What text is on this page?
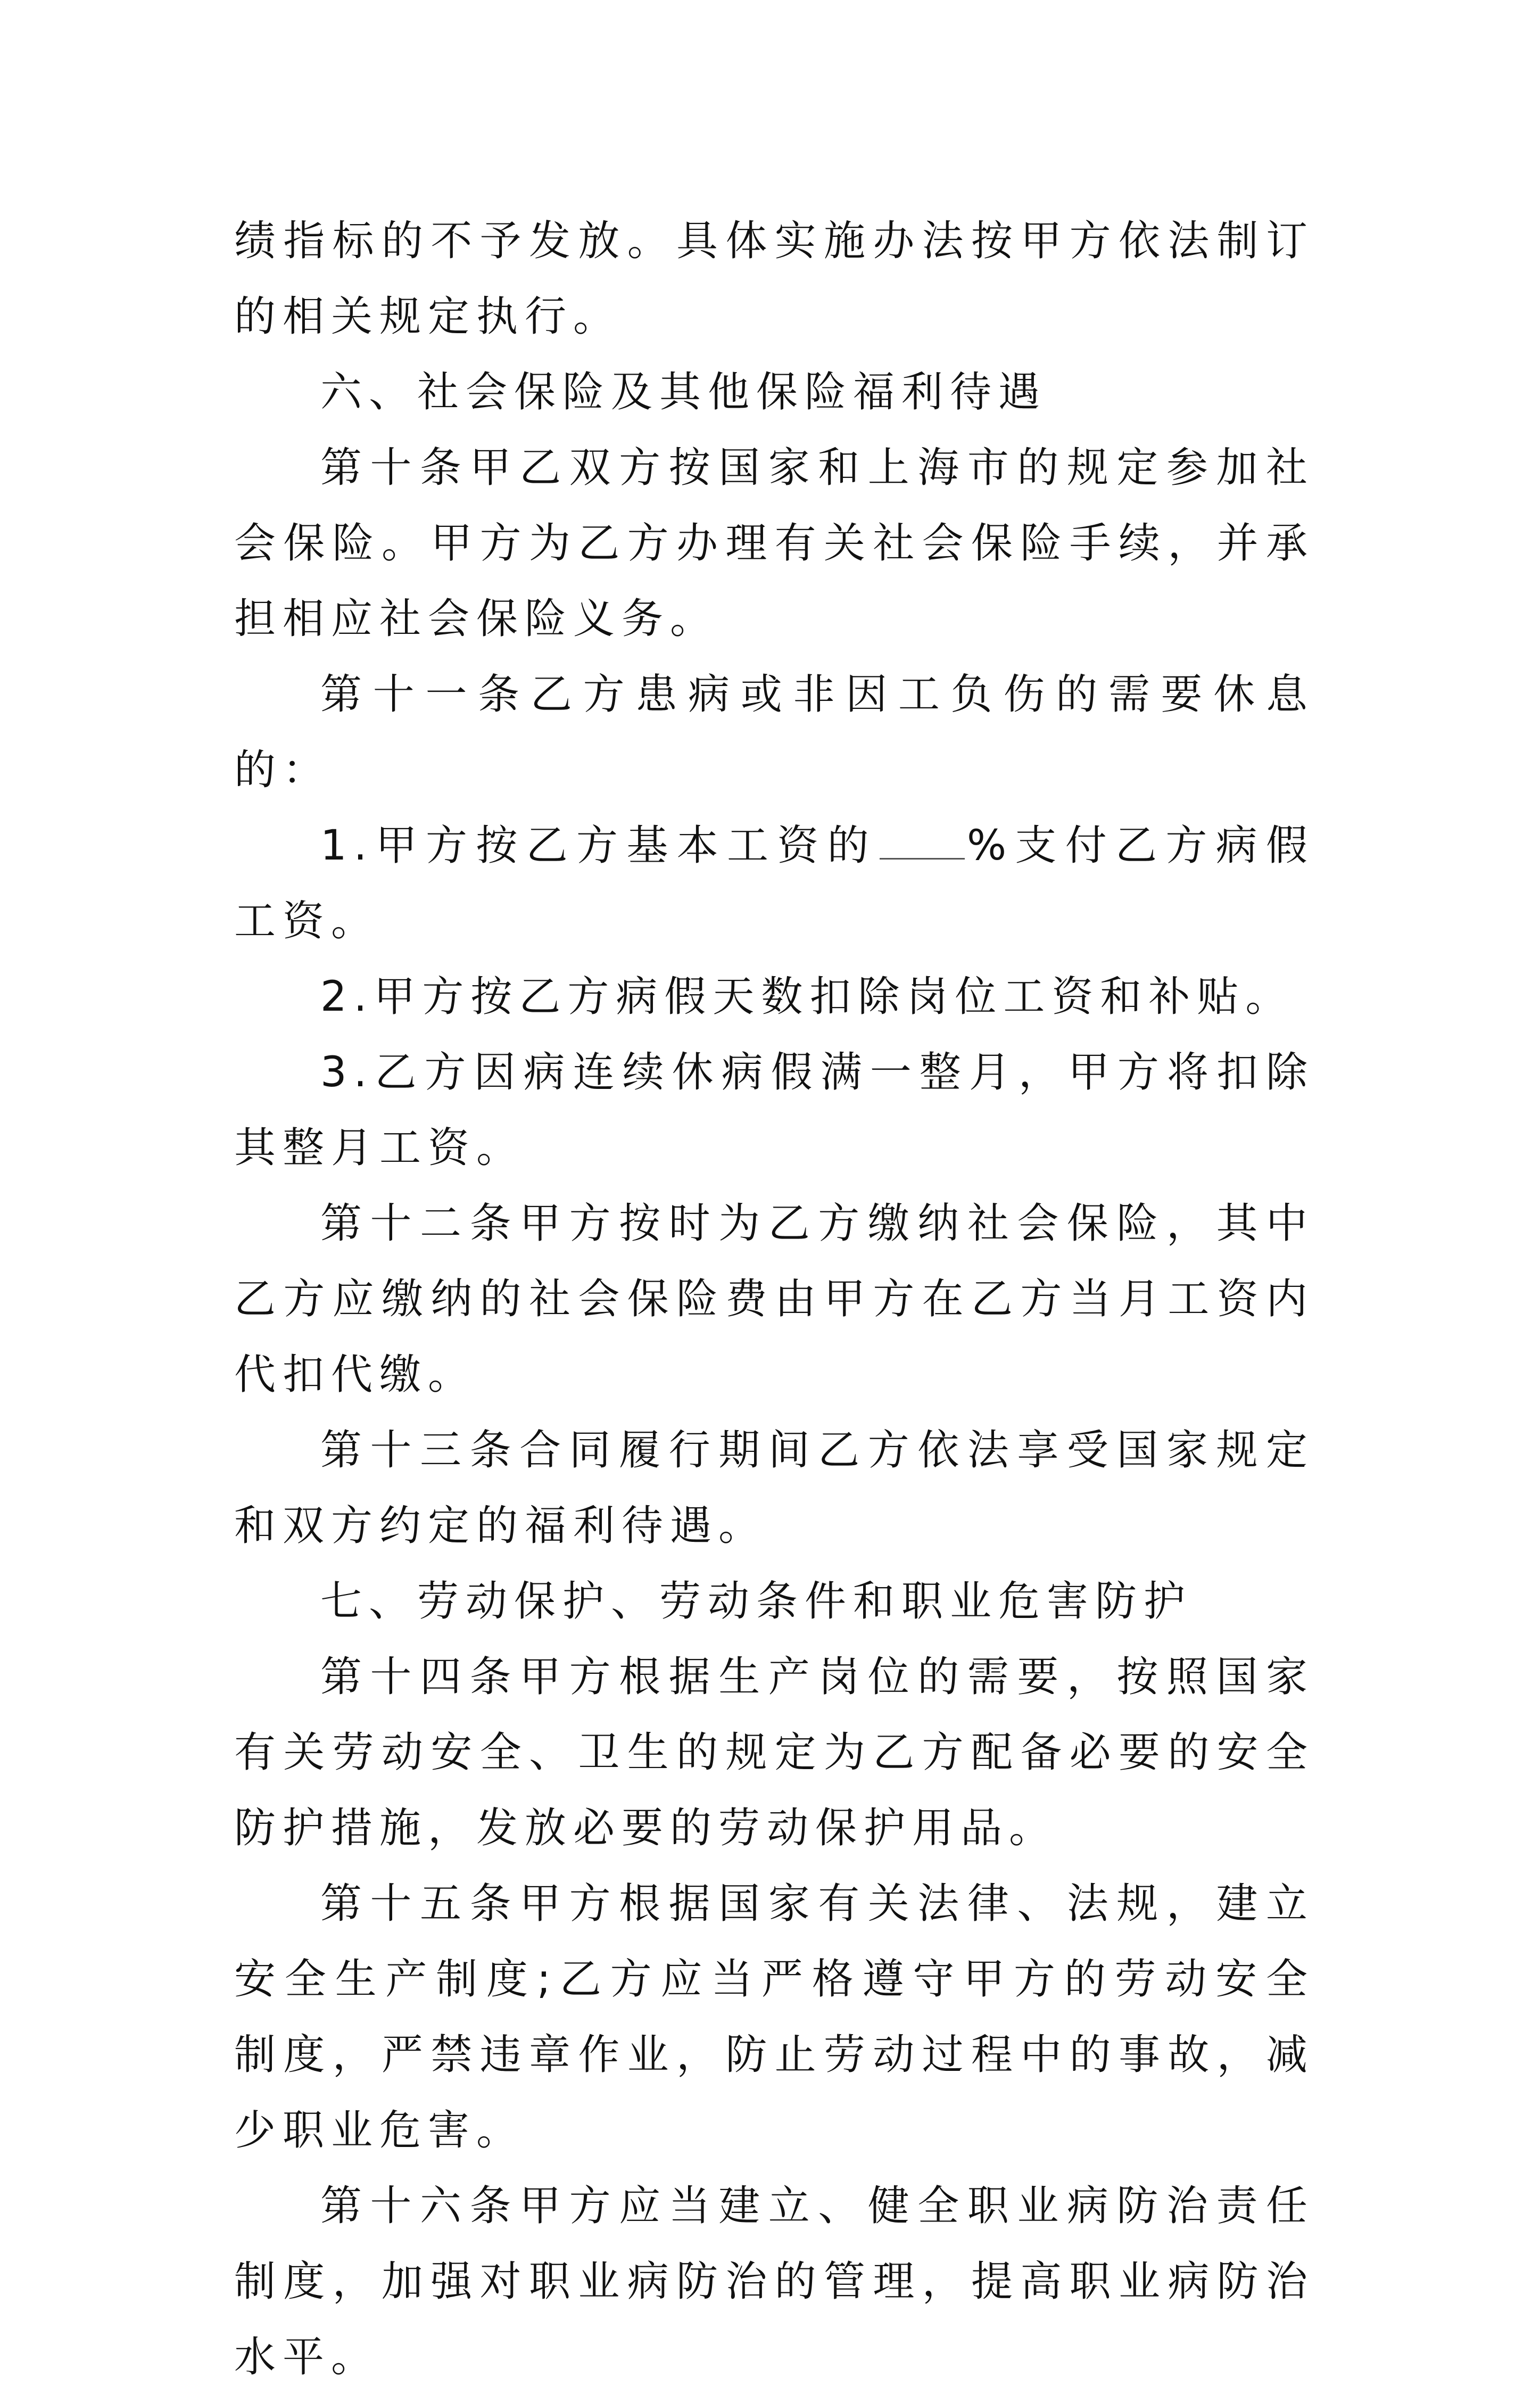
绩指标的不予发放。具体实施办法按甲方依法制订的相关规定执行。

六、社会保险及其他保险福利待遇

第十条甲乙双方按国家和上海市的规定参加社会保险。甲方为乙方办理有关社会保险手续，并承担相应社会保险义务。

第十一条乙方患病或非因工负伤的需要休息的：

1.甲方按乙方基本工资的 %支付乙方病假工资。

2.甲方按乙方病假天数扣除岗位工资和补贴。

3.乙方因病连续休病假满一整月，甲方将扣除其整月工资。

第十二条甲方按时为乙方缴纳社会保险，其中乙方应缴纳的社会保险费由甲方在乙方当月工资内代扣代缴。

第十三条合同履行期间乙方依法享受国家规定和双方约定的福利待遇。

七、劳动保护、劳动条件和职业危害防护

第十四条甲方根据生产岗位的需要，按照国家有关劳动安全、卫生的规定为乙方配备必要的安全防护措施，发放必要的劳动保护用品。

第十五条甲方根据国家有关法律、法规，建立安全生产制度;乙方应当严格遵守甲方的劳动安全制度，严禁违章作业，防止劳动过程中的事故，减少职业危害。

第十六条甲方应当建立、健全职业病防治责任制度，加强对职业病防治的管理，提高职业病防治水平。
